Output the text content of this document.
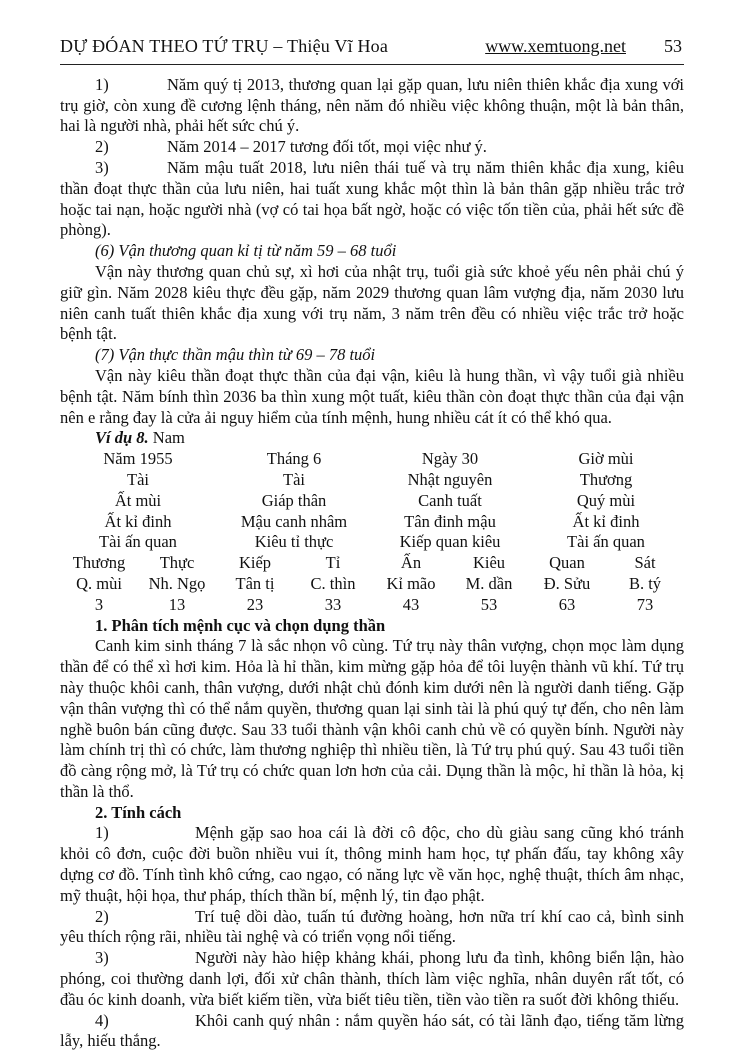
DỰ ĐÓAN THEO TỨ TRỤ – Thiệu Vĩ Hoa	www.xemtuong.net 53

1)	Năm quý tị 2013, thương quan lại gặp quan, lưu niên thiên khắc địa xung với trụ giờ, còn xung đề cương lệnh tháng, nên năm đó nhiều việc không thuận, một là bản thân, hai là người nhà, phải hết sức chú ý.

2)	Năm 2014 – 2017 tương đối tốt, mọi việc như ý.

3)	Năm mậu tuất 2018, lưu niên thái tuế và trụ năm thiên khắc địa xung, kiêu thần đoạt thực thần của lưu niên, hai tuất xung khắc một thìn là bản thân gặp nhiều trắc trở hoặc tai nạn, hoặc người nhà (vợ có tai họa bất ngờ, hoặc có việc tốn tiền của, phải hết sức đề phòng).

(6) Vận thương quan kỉ tị từ năm 59 – 68 tuổi

Vận này thương quan chủ sự, xì hơi của nhật trụ, tuổi già sức khoẻ yếu nên phải chú ý giữ gìn. Năm 2028 kiêu thực đều gặp, năm 2029 thương quan lâm vượng địa, năm 2030 lưu niên canh tuất thiên khắc địa xung với trụ năm, 3 năm trên đều có nhiều việc trắc trở hoặc bệnh tật.

(7) Vận thực thần mậu thìn từ 69 – 78 tuổi

Vận này kiêu thần đoạt thực thần của đại vận, kiêu là hung thần, vì vậy tuổi già nhiều bệnh tật. Năm bính thìn 2036 ba thìn xung một tuất, kiêu thần còn đoạt thực thần của đại vận nên e rằng đay là cửa ải nguy hiểm của tính mệnh, hung nhiều cát ít có thể khó qua.

Ví dụ 8. Nam

Năm 1955		Tháng 6		Ngày 30		Giờ mùi	
Tài		Tài		Nhật nguyên		Thương	
Ất mùi		Giáp thân		Canh tuất		Quý mùi	
Ất kỉ đinh		Mậu canh nhâm		Tân đinh mậu		Ất kỉ đinh	
Tài ấn quan		Kiêu tỉ thực		Kiếp quan kiêu		Tài ấn quan	
Thương	Thực	Kiếp	Tỉ	Ấn	Kiêu	Quan	Sát
Q. mùi	Nh. Ngọ	Tân tị	C. thìn	Kỉ mão	M. dần	Đ. Sửu	B. tý
3	13	23	33	43	53	63	73
1. Phân tích mệnh cục và chọn dụng thần

Canh kim sinh tháng 7 là sắc nhọn vô cùng. Tứ trụ này thân vượng, chọn mọc làm dụng thần để có thể xì hơi kim. Hỏa là hỉ thần, kim mừng gặp hỏa để tôi luyện thành vũ khí. Tứ trụ này thuộc khôi canh, thân vượng, dưới nhật chủ đónh kim dưới nên là người danh tiếng. Gặp vận thân vượng thì có thể nắm quyền, thương quan lại sinh tài là phú quý tự đến, cho nên làm nghề buôn bán cũng được. Sau 33 tuổi thành vận khôi canh chủ về có quyền bính. Người này làm chính trị thì có chức, làm thương nghiệp thì nhiều tiền, là Tứ trụ phú quý. Sau 43 tuổi tiền đồ càng rộng mở, là Tứ trụ có chức quan lơn hơn của cải. Dụng thần là mộc, hỉ thần là hỏa, kị thần là thổ.

2. Tính cách

1)	Mệnh gặp sao hoa cái là đời cô độc, cho dù giàu sang cũng khó tránh khỏi cô đơn, cuộc đời buồn nhiều vui ít, thông minh ham học, tự phấn đấu, tay không xây dựng cơ đồ. Tính tình khô cứng, cao ngạo, có năng lực về văn học, nghệ thuật, thích âm nhạc, mỹ thuật, hội họa, thư pháp, thích thần bí, mệnh lý, tin đạo phật.

2)	Trí tuệ dồi dào, tuấn tú đường hoàng, hơn nữa trí khí cao cả, bình sinh yêu thích rộng rãi, nhiều tài nghệ và có triển vọng nổi tiếng.

3)	Người này hào hiệp khảng khái, phong lưu đa tình, không biển lận, hào phóng, coi thường danh lợi, đối xử chân thành, thích làm việc nghĩa, nhân duyên rất tốt, có đầu óc kinh doanh, vừa biết kiếm tiền, vừa biết tiêu tiền, tiền vào tiền ra suốt đời không thiếu.

4)	Khôi canh quý nhân : nắm quyền háo sát, có tài lãnh đạo, tiếng tăm lừng lẫy, hiếu thắng.
